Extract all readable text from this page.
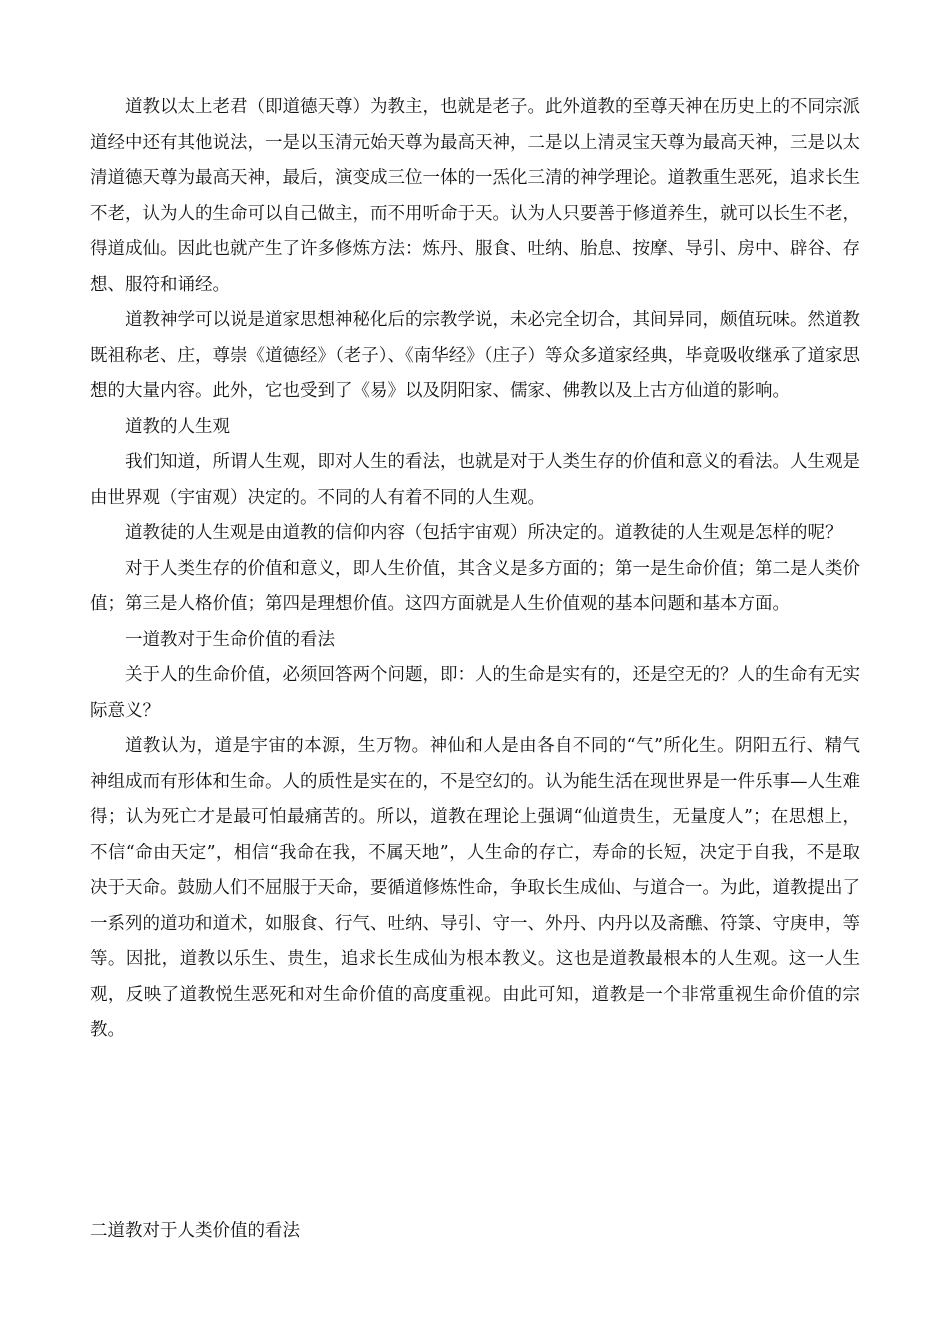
道教以太上老君（即道德天尊）为教主，也就是老子。此外道教的至尊天神在历史上的不同宗派道经中还有其他说法，一是以玉清元始天尊为最高天神，二是以上清灵宝天尊为最高天神，三是以太清道德天尊为最高天神，最后，演变成三位一体的一炁化三清的神学理论。道教重生恶死，追求长生不老，认为人的生命可以自己做主，而不用听命于天。认为人只要善于修道养生，就可以长生不老，得道成仙。因此也就产生了许多修炼方法：炼丹、服食、吐纳、胎息、按摩、导引、房中、辟谷、存想、服符和诵经。

道教神学可以说是道家思想神秘化后的宗教学说，未必完全切合，其间异同，颇值玩味。然道教既祖称老、庄，尊崇《道德经》（老子）、《南华经》（庄子）等众多道家经典，毕竟吸收继承了道家思想的大量内容。此外，它也受到了《易》以及阴阳家、儒家、佛教以及上古方仙道的影响。

道教的人生观

我们知道，所谓人生观，即对人生的看法，也就是对于人类生存的价值和意义的看法。人生观是由世界观（宇宙观）决定的。不同的人有着不同的人生观。

道教徒的人生观是由道教的信仰内容（包括宇宙观）所决定的。道教徒的人生观是怎样的呢？

对于人类生存的价值和意义，即人生价值，其含义是多方面的；第一是生命价值；第二是人类价值；第三是人格价值；第四是理想价值。这四方面就是人生价值观的基本问题和基本方面。

一道教对于生命价值的看法

关于人的生命价值，必须回答两个问题，即：人的生命是实有的，还是空无的？人的生命有无实际意义？

道教认为，道是宇宙的本源，生万物。神仙和人是由各自不同的“气”所化生。阴阳五行、精气神组成而有形体和生命。人的质性是实在的，不是空幻的。认为能生活在现世界是一件乐事—人生难得；认为死亡才是最可怕最痛苦的。所以，道教在理论上强调“仙道贵生，无量度人”；在思想上，不信“命由天定”，相信“我命在我，不属天地”，人生命的存亡，寿命的长短，决定于自我，不是取决于天命。鼓励人们不屈服于天命，要循道修炼性命，争取长生成仙、与道合一。为此，道教提出了一系列的道功和道术，如服食、行气、吐纳、导引、守一、外丹、内丹以及斋醮、符箓、守庚申，等等。因批，道教以乐生、贵生，追求长生成仙为根本教义。这也是道教最根本的人生观。这一人生观，反映了道教悦生恶死和对生命价值的高度重视。由此可知，道教是一个非常重视生命价值的宗教。

二道教对于人类价值的看法
